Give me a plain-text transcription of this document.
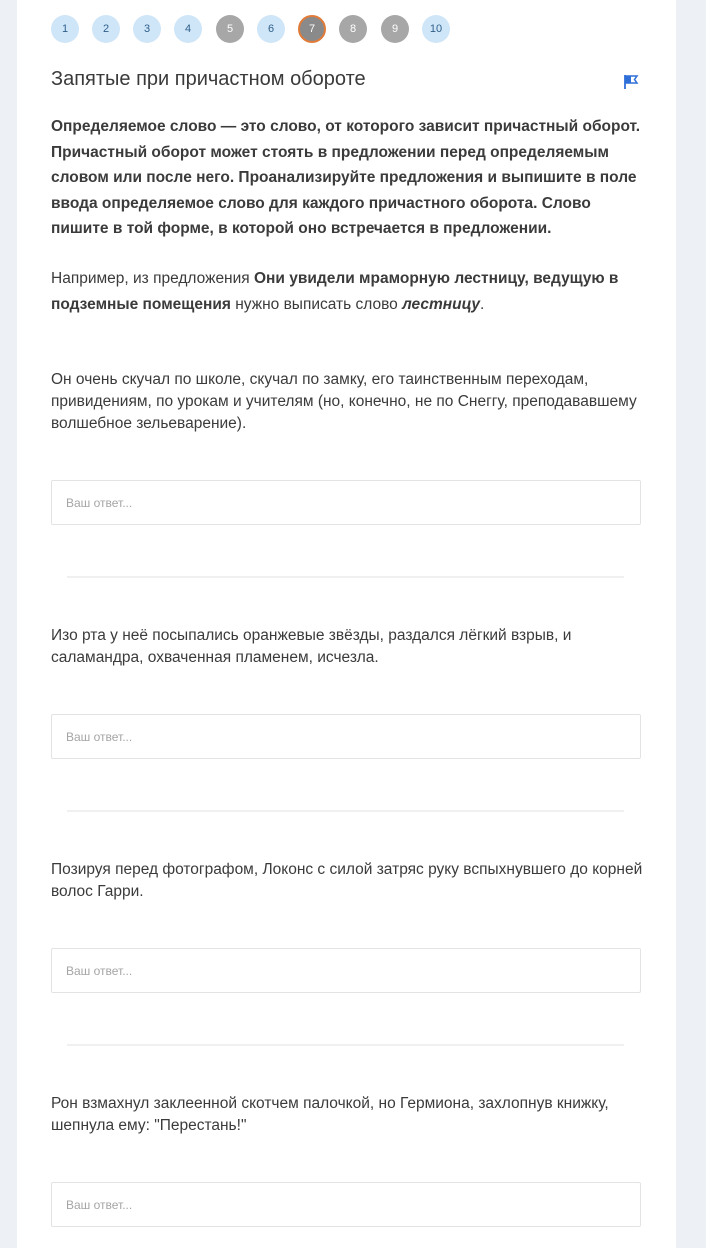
1	2	3	4	5	6	7	8	9	10
Запятые при причастном обороте

Определяемое слово — это слово, от которого зависит причастный оборот. Причастный оборот может стоять в предложении перед определяемым словом или после него. Проанализируйте предложения и выпишите в поле ввода определяемое слово для каждого причастного оборота. Слово пишите в той форме, в которой оно встречается в предложении.

Например, из предложения Они увидели мраморную лестницу, ведущую в подземные помещения нужно выписать слово лестницу.

Он очень скучал по школе, скучал по замку, его таинственным переходам, привидениям, по урокам и учителям (но, конечно, не по Снеггу, преподававшему волшебное зельеварение).

Ваш ответ...

Изо рта у неё посыпались оранжевые звёзды, раздался лёгкий взрыв, и саламандра, охваченная пламенем, исчезла.

Ваш ответ...

Позируя перед фотографом, Локонс с силой затряс руку вспыхнувшего до корней волос Гарри.

Ваш ответ...

Рон взмахнул заклеенной скотчем палочкой, но Гермиона, захлопнув книжку, шепнула ему: "Перестань!"

Ваш ответ...
